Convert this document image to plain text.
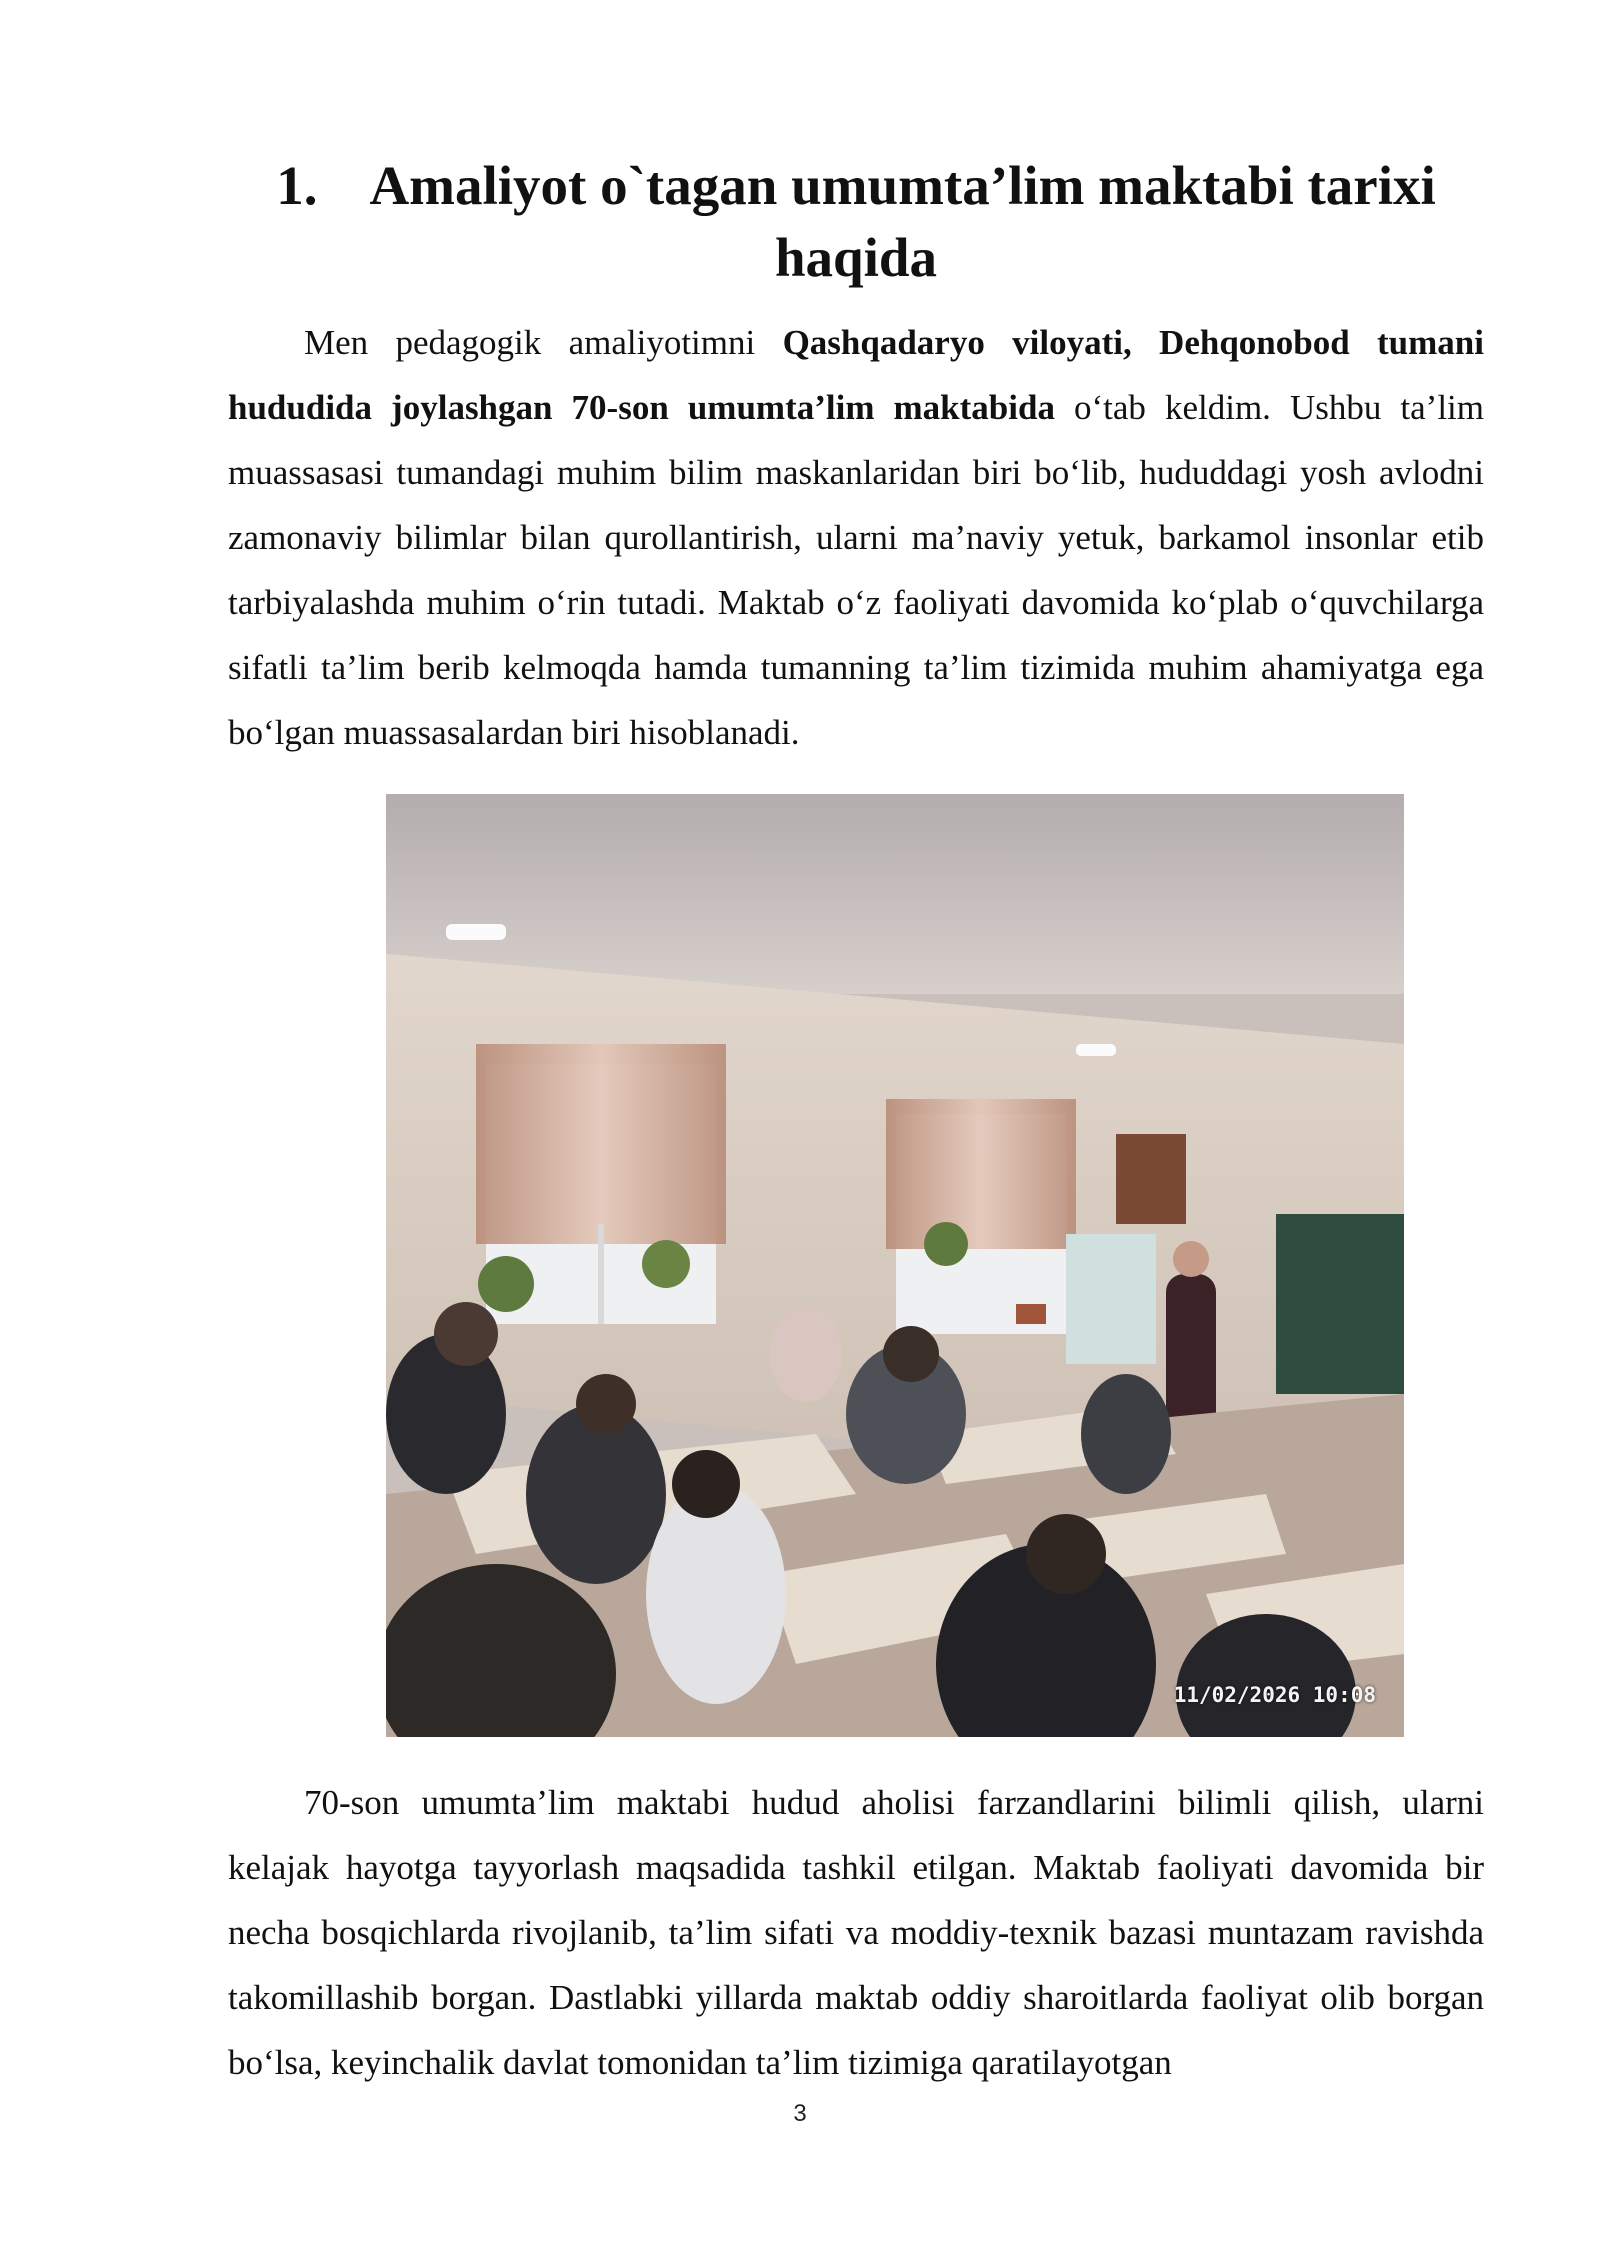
1. Amaliyot o`tagan umumta’lim maktabi tarixi haqida

Men pedagogik amaliyotimni Qashqadaryo viloyati, Dehqonobod tumani hududida joylashgan 70-son umumta’lim maktabida o‘tab keldim. Ushbu ta’lim muassasasi tumandagi muhim bilim maskanlaridan biri bo‘lib, hududdagi yosh avlodni zamonaviy bilimlar bilan qurollantirish, ularni ma’naviy yetuk, barkamol insonlar etib tarbiyalashda muhim o‘rin tutadi. Maktab o‘z faoliyati davomida ko‘plab o‘quvchilarga sifatli ta’lim berib kelmoqda hamda tumanning ta’lim tizimida muhim ahamiyatga ega bo‘lgan muassasalardan biri hisoblanadi.

11/02/2026 10:08

70-son umumta’lim maktabi hudud aholisi farzandlarini bilimli qilish, ularni kelajak hayotga tayyorlash maqsadida tashkil etilgan. Maktab faoliyati davomida bir necha bosqichlarda rivojlanib, ta’lim sifati va moddiy-texnik bazasi muntazam ravishda takomillashib borgan. Dastlabki yillarda maktab oddiy sharoitlarda faoliyat olib borgan bo‘lsa, keyinchalik davlat tomonidan ta’lim tizimiga qaratilayotgan

3
